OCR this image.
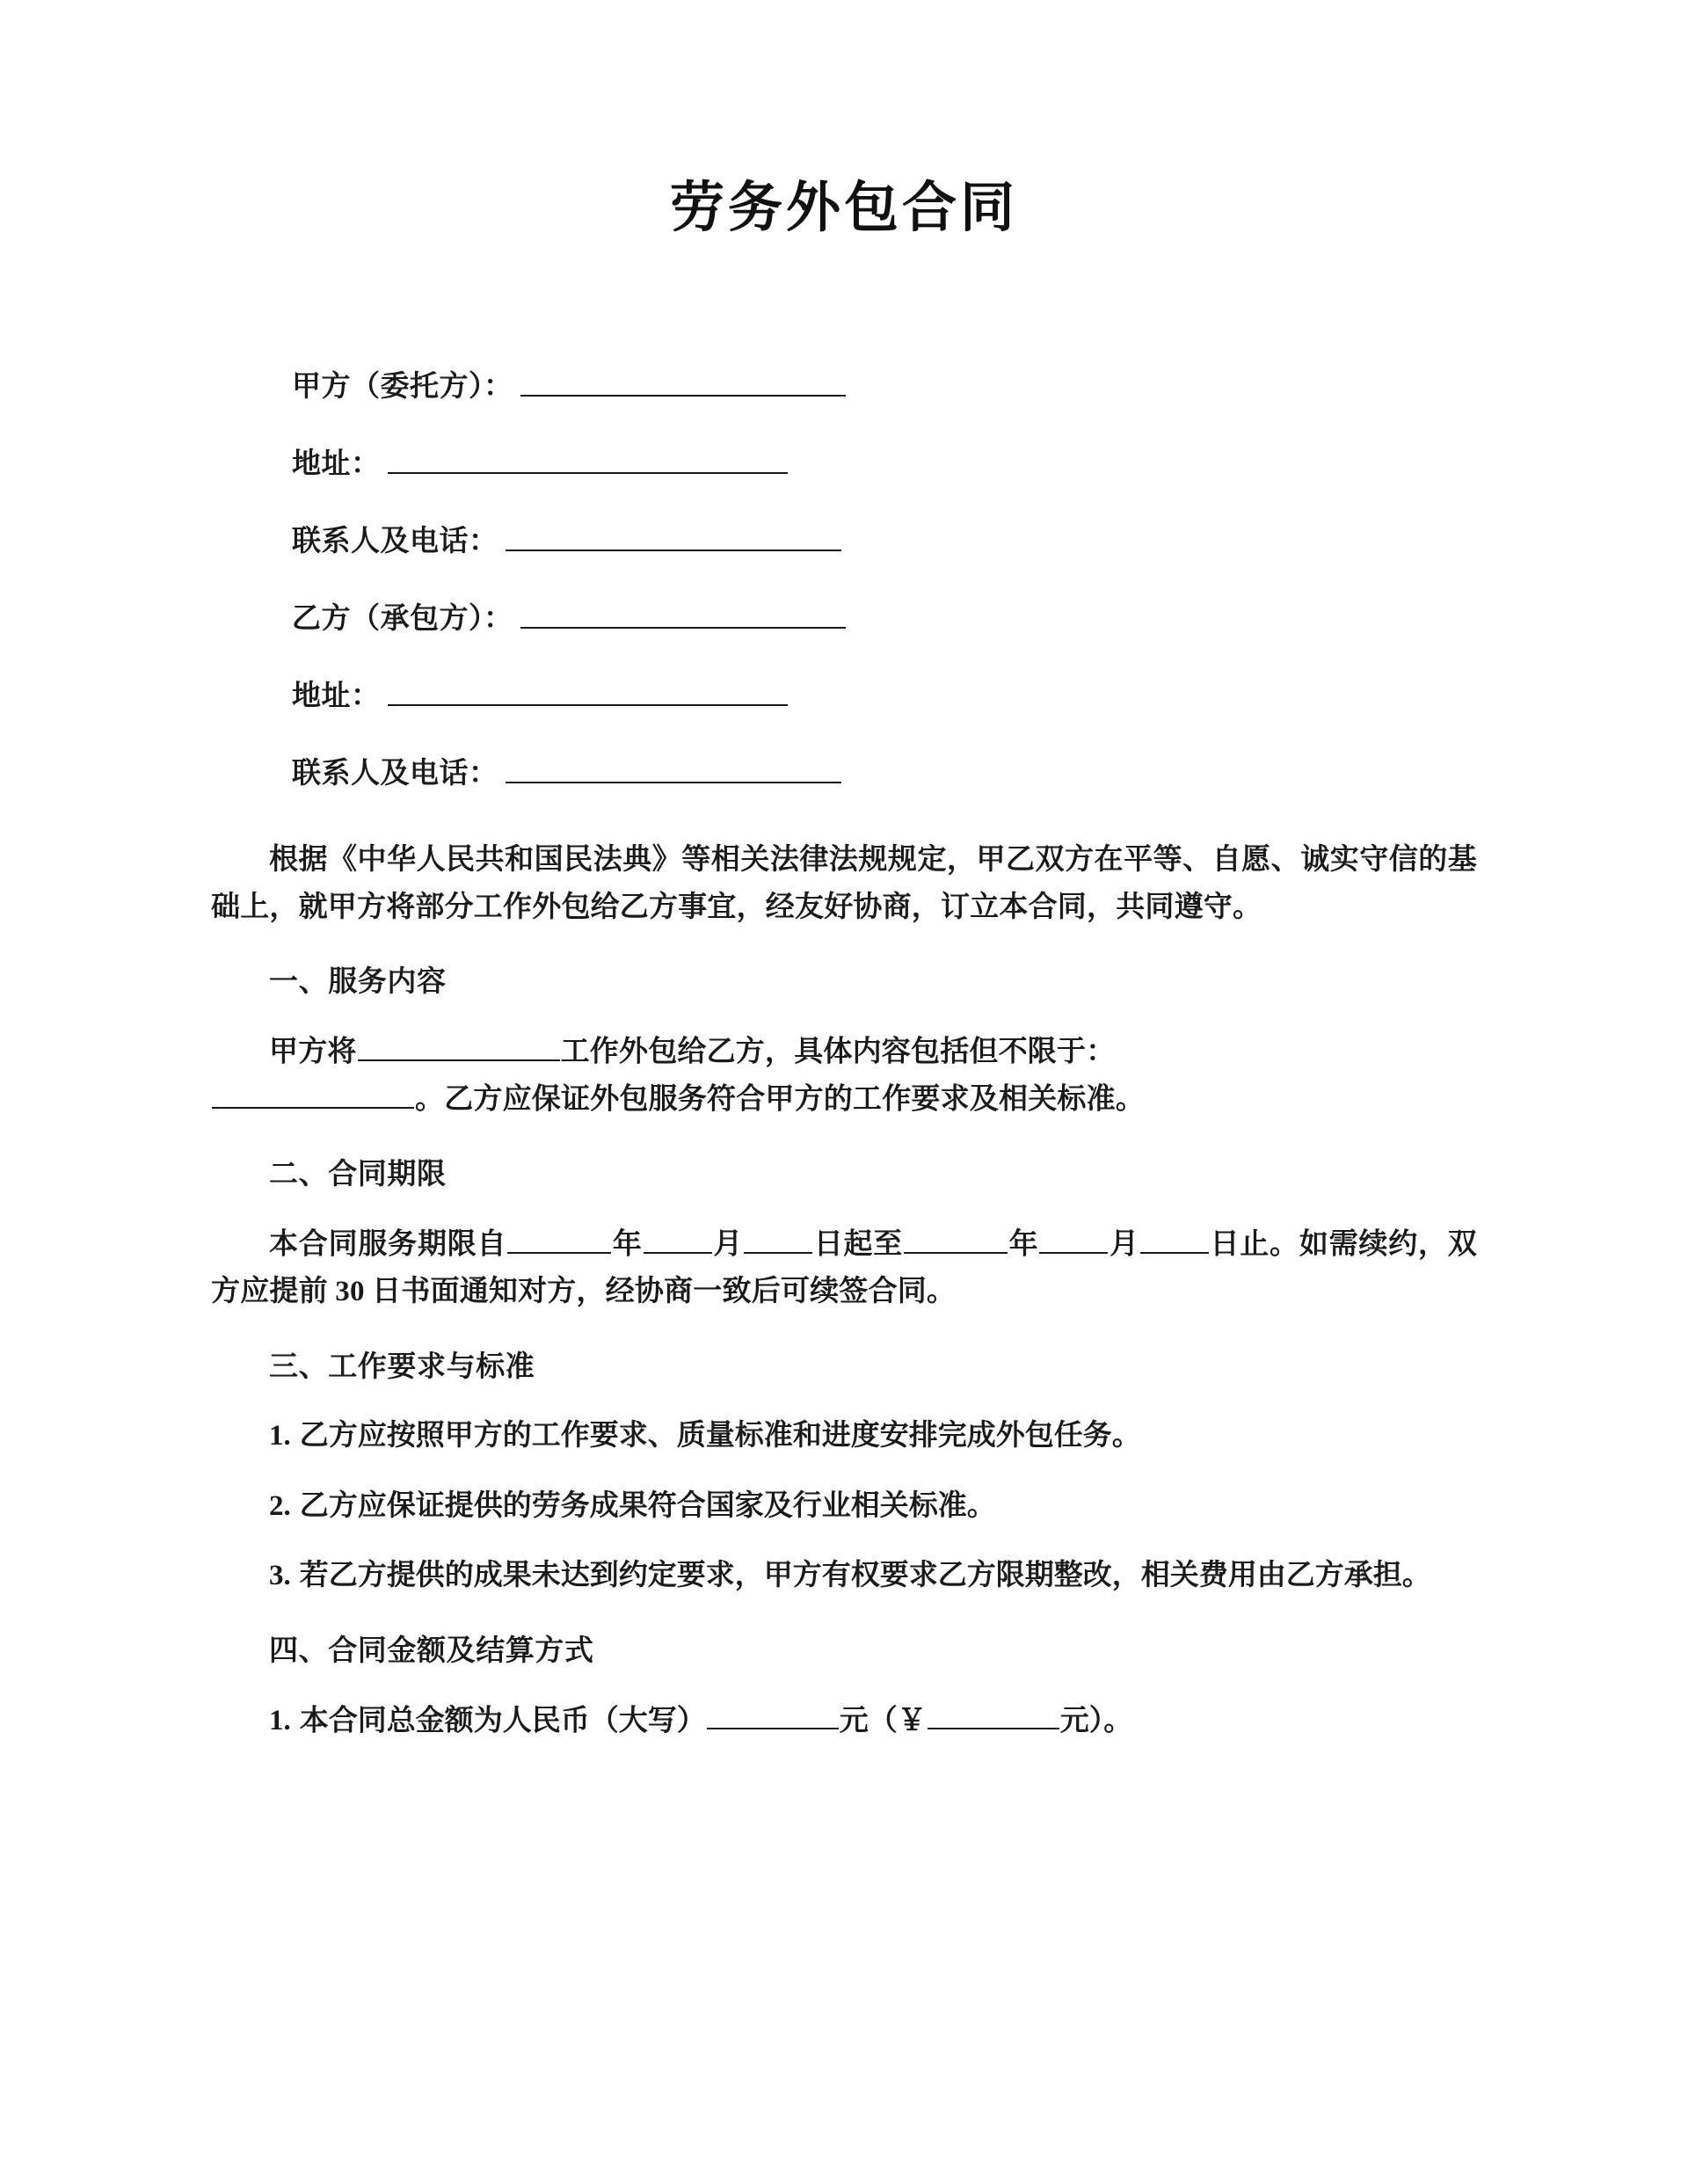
劳务外包合同
甲方（委托方）：
地址：
联系人及电话：
乙方（承包方）：
地址：
联系人及电话：

根据《中华人民共和国民法典》等相关法律法规规定，甲乙双方在平等、自愿、诚实守信的基础上，就甲方将部分工作外包给乙方事宜，经友好协商，订立本合同，共同遵守。

一、服务内容

甲方将	工作外包给乙方，具体内容包括但不限于：
。乙方应保证外包服务符合甲方的工作要求及相关标准。

二、合同期限

本合同服务期限自	年 月 日起至	年 月 日止。如需续约，双方应提前 30 日书面通知对方，经协商一致后可续签合同。

三、工作要求与标准

1. 乙方应按照甲方的工作要求、质量标准和进度安排完成外包任务。

2. 乙方应保证提供的劳务成果符合国家及行业相关标准。

3. 若乙方提供的成果未达到约定要求，甲方有权要求乙方限期整改，相关费用由乙方承担。

四、合同金额及结算方式

1. 本合同总金额为人民币（大写）	元（￥	元）。
